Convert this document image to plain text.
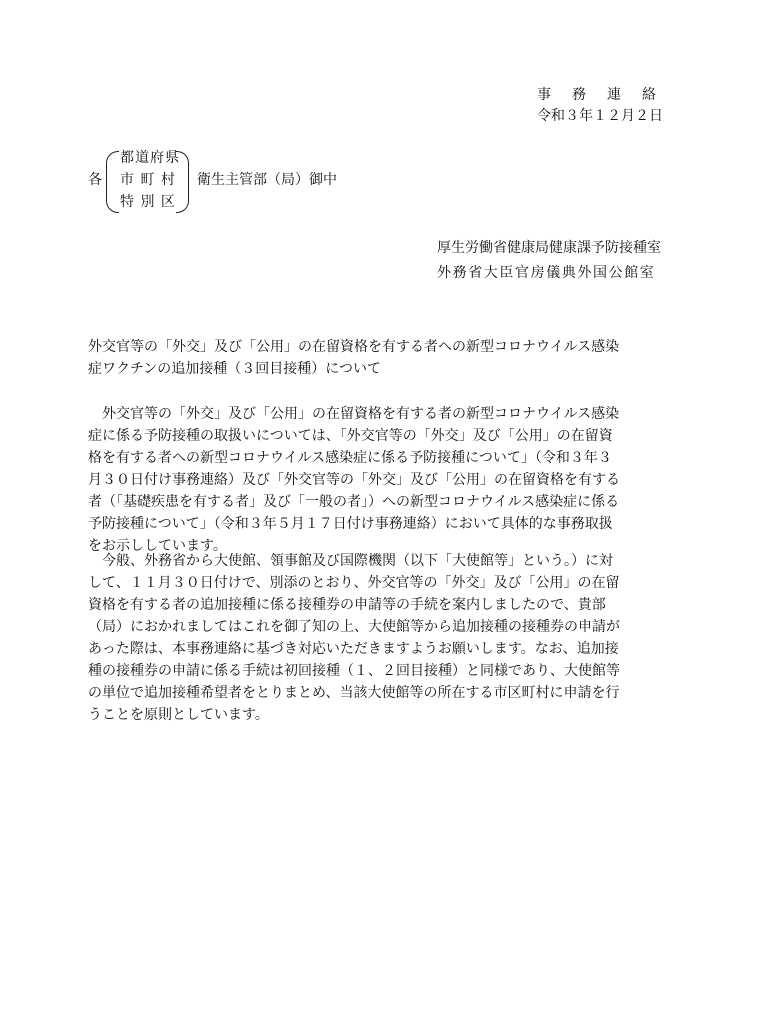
事務連絡
令和３年１２月２日
各
都道府県
市 町 村
特 別 区
衛生主管部（局）御中
厚生労働省健康局健康課予防接種室
外務省大臣官房儀典外国公館室

外交官等の「外交」及び「公用」の在留資格を有する者への新型コロナウイルス感染
症ワクチンの追加接種（３回目接種）について

外交官等の「外交」及び「公用」の在留資格を有する者の新型コロナウイルス感染
症に係る予防接種の取扱いについては、「外交官等の「外交」及び「公用」の在留資
格を有する者への新型コロナウイルス感染症に係る予防接種について」（令和３年３
月３０日付け事務連絡）及び「外交官等の「外交」及び「公用」の在留資格を有する
者（「基礎疾患を有する者」及び「一般の者」）への新型コロナウイルス感染症に係る
予防接種について」（令和３年５月１７日付け事務連絡）において具体的な事務取扱
をお示ししています。

今般、外務省から大使館、領事館及び国際機関（以下「大使館等」という。）に対
して、１１月３０日付けで、別添のとおり、外交官等の「外交」及び「公用」の在留
資格を有する者の追加接種に係る接種券の申請等の手続を案内しましたので、貴部
（局）におかれましてはこれを御了知の上、大使館等から追加接種の接種券の申請が
あった際は、本事務連絡に基づき対応いただきますようお願いします。なお、追加接
種の接種券の申請に係る手続は初回接種（１、２回目接種）と同様であり、大使館等
の単位で追加接種希望者をとりまとめ、当該大使館等の所在する市区町村に申請を行
うことを原則としています。
